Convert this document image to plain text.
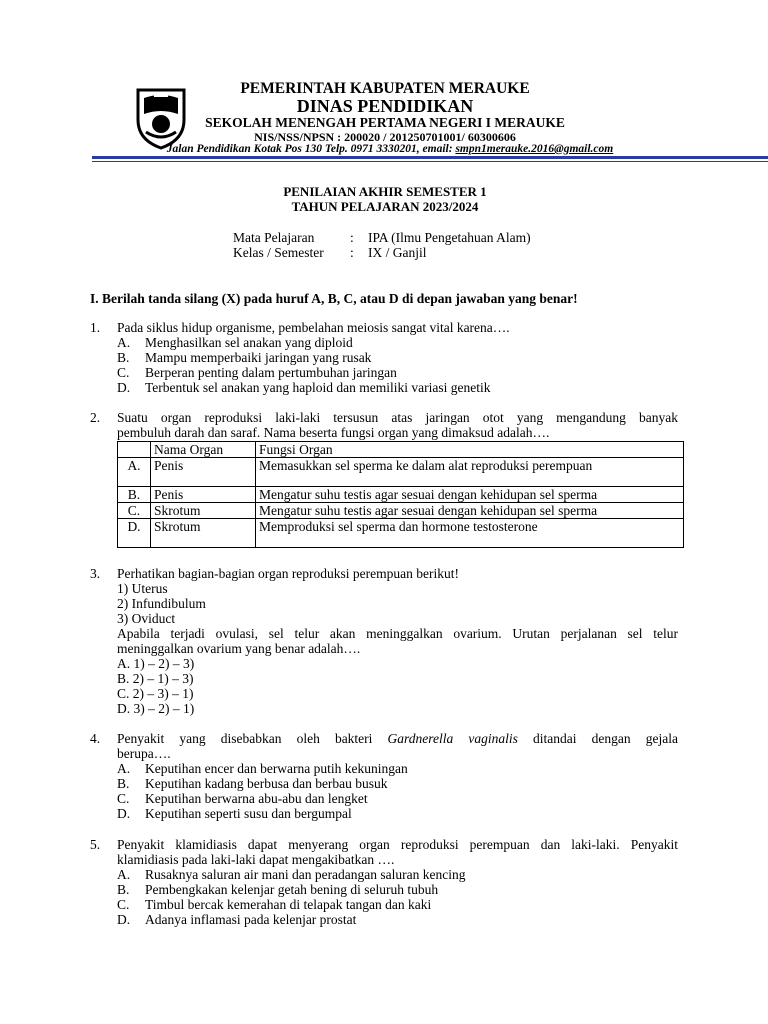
PEMERINTAH KABUPATEN MERAUKE
DINAS PENDIDIKAN
SEKOLAH MENENGAH PERTAMA NEGERI I MERAUKE
NIS/NSS/NPSN : 200020 / 201250701001/ 60300606
Jalan Pendidikan Kotak Pos 130 Telp. 0971 3330201, email: smpn1merauke.2016@gmail.com
PENILAIAN AKHIR SEMESTER 1
TAHUN PELAJARAN 2023/2024
Mata Pelajaran	: IPA (Ilmu Pengetahuan Alam)
Kelas / Semester : IX / Ganjil
I. Berilah tanda silang (X) pada huruf A, B, C, atau D di depan jawaban yang benar!
1. Pada siklus hidup organisme, pembelahan meiosis sangat vital karena….
A. Menghasilkan sel anakan yang diploid
B. Mampu memperbaiki jaringan yang rusak
C. Berperan penting dalam pertumbuhan jaringan
D. Terbentuk sel anakan yang haploid dan memiliki variasi genetik
2. Suatu organ reproduksi laki-laki tersusun atas jaringan otot yang mengandung banyak
pembuluh darah dan saraf. Nama beserta fungsi organ yang dimaksud adalah….
	Nama Organ	Fungsi Organ
A.	Penis	Memasukkan sel sperma ke dalam alat reproduksi perempuan
B.	Penis	Mengatur suhu testis agar sesuai dengan kehidupan sel sperma
C.	Skrotum	Mengatur suhu testis agar sesuai dengan kehidupan sel sperma
D.	Skrotum	Memproduksi sel sperma dan hormone testosterone
3. Perhatikan bagian-bagian organ reproduksi perempuan berikut!
1) Uterus
2) Infundibulum
3) Oviduct
Apabila terjadi ovulasi, sel telur akan meninggalkan ovarium. Urutan perjalanan sel telur
meninggalkan ovarium yang benar adalah….
A. 1) – 2) – 3)
B. 2) – 1) – 3)
C. 2) – 3) – 1)
D. 3) – 2) – 1)
4. Penyakit yang disebabkan oleh bakteri Gardnerella vaginalis ditandai dengan gejala
berupa….
A. Keputihan encer dan berwarna putih kekuningan
B. Keputihan kadang berbusa dan berbau busuk
C. Keputihan berwarna abu-abu dan lengket
D. Keputihan seperti susu dan bergumpal
5. Penyakit klamidiasis dapat menyerang organ reproduksi perempuan dan laki-laki. Penyakit
klamidiasis pada laki-laki dapat mengakibatkan ….
A. Rusaknya saluran air mani dan peradangan saluran kencing
B. Pembengkakan kelenjar getah bening di seluruh tubuh
C. Timbul bercak kemerahan di telapak tangan dan kaki
D. Adanya inflamasi pada kelenjar prostat
